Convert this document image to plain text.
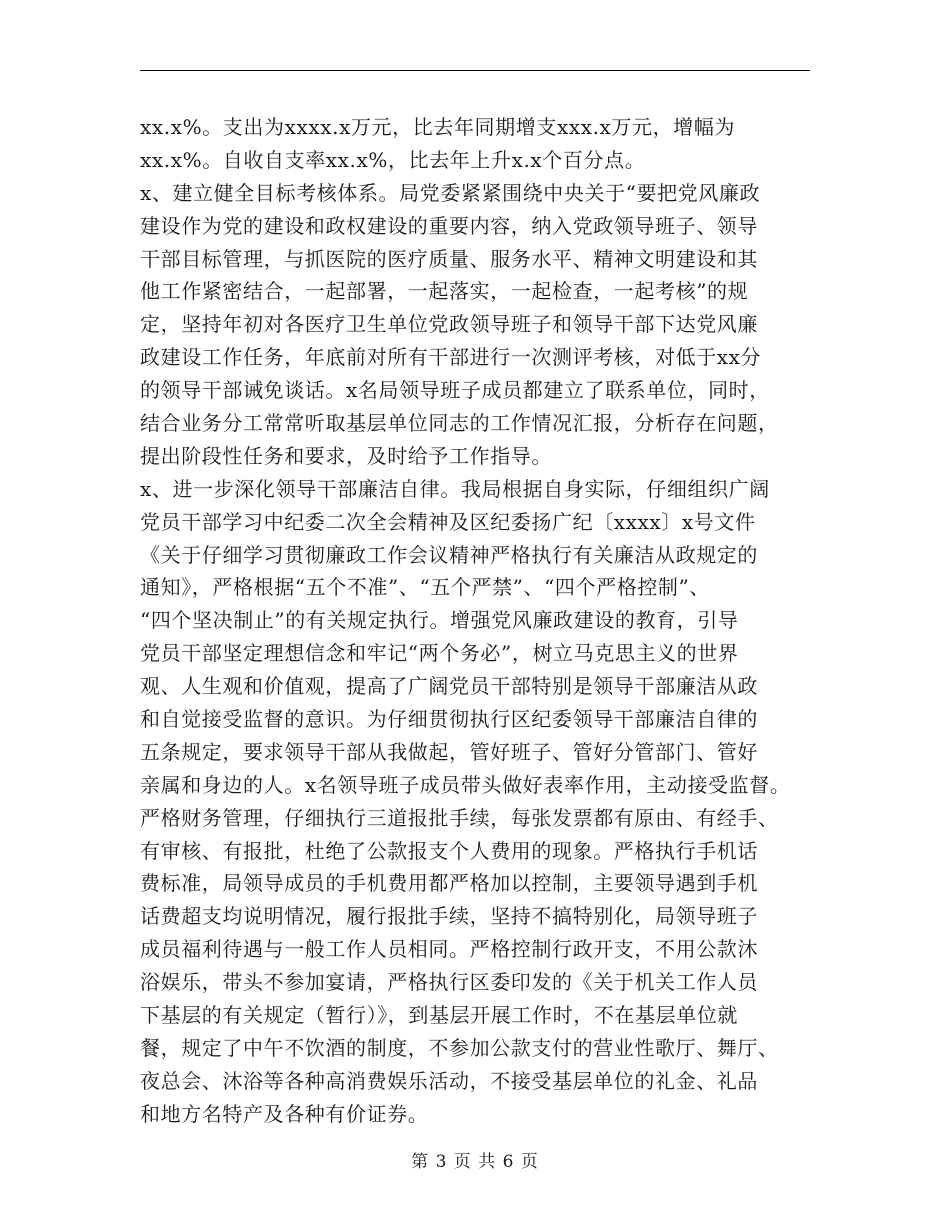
xx.x%。支出为xxxx.x万元，比去年同期增支xxx.x万元，增幅为
xx.x%。自收自支率xx.x%，比去年上升x.x个百分点。
x、建立健全目标考核体系。局党委紧紧围绕中央关于“要把党风廉政
建设作为党的建设和政权建设的重要内容，纳入党政领导班子、领导
干部目标管理，与抓医院的医疗质量、服务水平、精神文明建设和其
他工作紧密结合，一起部署，一起落实，一起检查，一起考核”的规
定，坚持年初对各医疗卫生单位党政领导班子和领导干部下达党风廉
政建设工作任务，年底前对所有干部进行一次测评考核，对低于xx分
的领导干部诫免谈话。x名局领导班子成员都建立了联系单位，同时，
结合业务分工常常听取基层单位同志的工作情况汇报，分析存在问题，
提出阶段性任务和要求，及时给予工作指导。
x、进一步深化领导干部廉洁自律。我局根据自身实际，仔细组织广阔
党员干部学习中纪委二次全会精神及区纪委扬广纪〔xxxx〕x号文件
《关于仔细学习贯彻廉政工作会议精神严格执行有关廉洁从政规定的
通知》，严格根据“五个不准”、“五个严禁”、“四个严格控制”、
“四个坚决制止”的有关规定执行。增强党风廉政建设的教育，引导
党员干部坚定理想信念和牢记“两个务必”，树立马克思主义的世界
观、人生观和价值观，提高了广阔党员干部特别是领导干部廉洁从政
和自觉接受监督的意识。为仔细贯彻执行区纪委领导干部廉洁自律的
五条规定，要求领导干部从我做起，管好班子、管好分管部门、管好
亲属和身边的人。x名领导班子成员带头做好表率作用，主动接受监督。
严格财务管理，仔细执行三道报批手续，每张发票都有原由、有经手、
有审核、有报批，杜绝了公款报支个人费用的现象。严格执行手机话
费标准，局领导成员的手机费用都严格加以控制，主要领导遇到手机
话费超支均说明情况，履行报批手续，坚持不搞特别化，局领导班子
成员福利待遇与一般工作人员相同。严格控制行政开支，不用公款沐
浴娱乐，带头不参加宴请，严格执行区委印发的《关于机关工作人员
下基层的有关规定（暂行）》，到基层开展工作时，不在基层单位就
餐，规定了中午不饮酒的制度，不参加公款支付的营业性歌厅、舞厅、
夜总会、沐浴等各种高消费娱乐活动，不接受基层单位的礼金、礼品
和地方名特产及各种有价证券。
第 3 页 共 6 页
